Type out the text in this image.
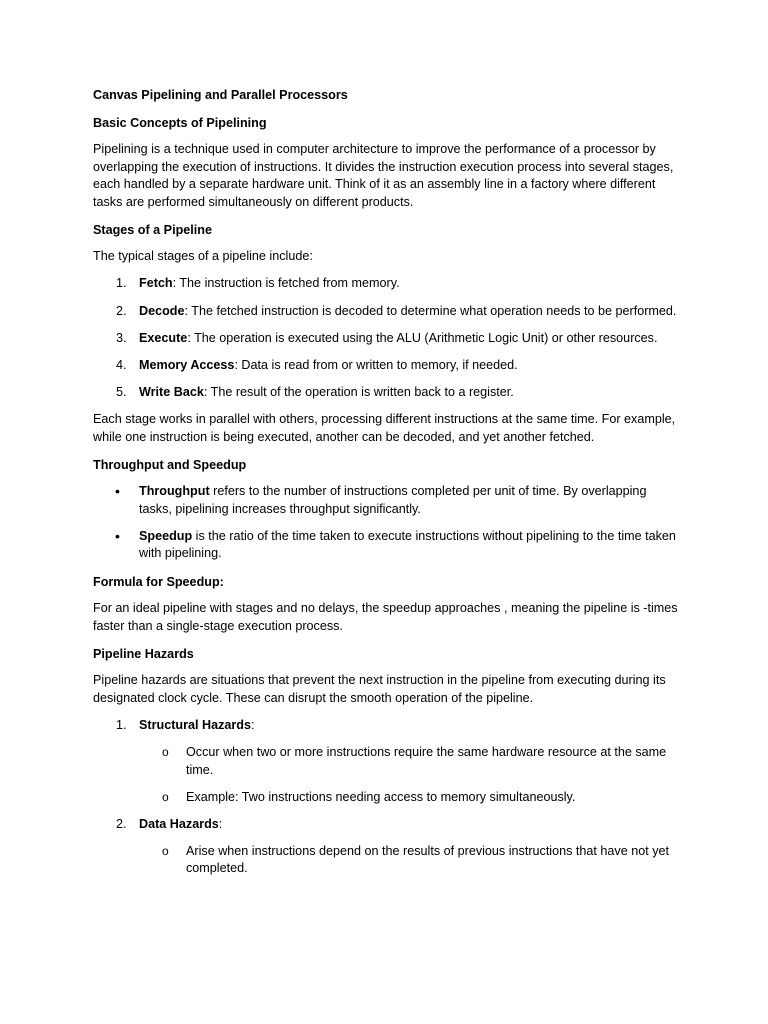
Canvas Pipelining and Parallel Processors
Basic Concepts of Pipelining
Pipelining is a technique used in computer architecture to improve the performance of a processor by overlapping the execution of instructions. It divides the instruction execution process into several stages, each handled by a separate hardware unit. Think of it as an assembly line in a factory where different tasks are performed simultaneously on different products.
Stages of a Pipeline
The typical stages of a pipeline include:
1. Fetch: The instruction is fetched from memory.
2. Decode: The fetched instruction is decoded to determine what operation needs to be performed.
3. Execute: The operation is executed using the ALU (Arithmetic Logic Unit) or other resources.
4. Memory Access: Data is read from or written to memory, if needed.
5. Write Back: The result of the operation is written back to a register.
Each stage works in parallel with others, processing different instructions at the same time. For example, while one instruction is being executed, another can be decoded, and yet another fetched.
Throughput and Speedup
• Throughput refers to the number of instructions completed per unit of time. By overlapping tasks, pipelining increases throughput significantly.
• Speedup is the ratio of the time taken to execute instructions without pipelining to the time taken with pipelining.
Formula for Speedup:
For an ideal pipeline with stages and no delays, the speedup approaches , meaning the pipeline is -times faster than a single-stage execution process.
Pipeline Hazards
Pipeline hazards are situations that prevent the next instruction in the pipeline from executing during its designated clock cycle. These can disrupt the smooth operation of the pipeline.
1. Structural Hazards:
o Occur when two or more instructions require the same hardware resource at the same time.
o Example: Two instructions needing access to memory simultaneously.
2. Data Hazards:
o Arise when instructions depend on the results of previous instructions that have not yet completed.
